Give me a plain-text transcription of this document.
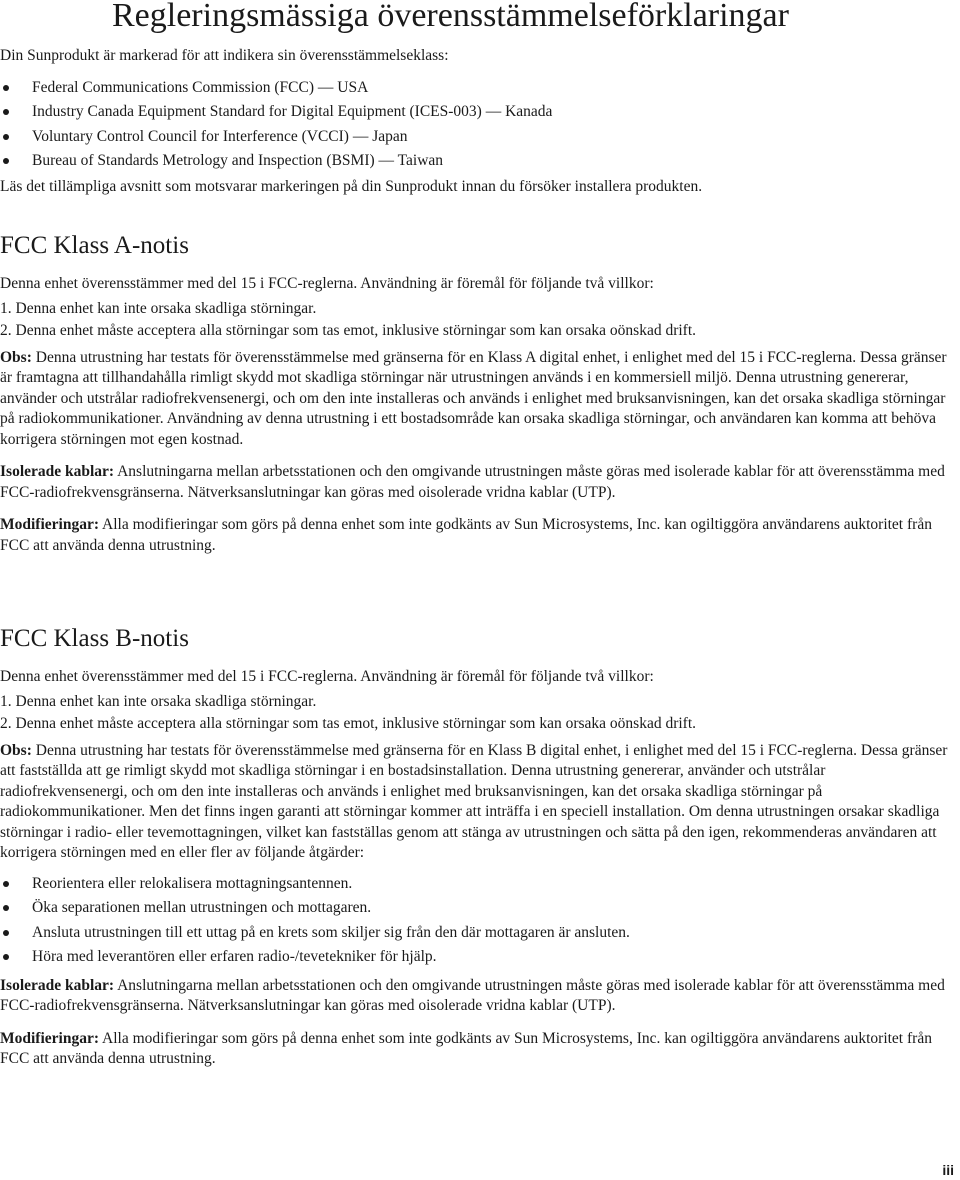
Regleringsmässiga överensstämmelseförklaringar

Din Sunprodukt är markerad för att indikera sin överensstämmelseklass:

Federal Communications Commission (FCC) — USA
Industry Canada Equipment Standard for Digital Equipment (ICES-003) — Kanada
Voluntary Control Council for Interference (VCCI) — Japan
Bureau of Standards Metrology and Inspection (BSMI) — Taiwan

Läs det tillämpliga avsnitt som motsvarar markeringen på din Sunprodukt innan du försöker installera produkten.

FCC Klass A-notis

Denna enhet överensstämmer med del 15 i FCC-reglerna. Användning är föremål för följande två villkor:

1. Denna enhet kan inte orsaka skadliga störningar.
2. Denna enhet måste acceptera alla störningar som tas emot, inklusive störningar som kan orsaka oönskad drift.

Obs: Denna utrustning har testats för överensstämmelse med gränserna för en Klass A digital enhet, i enlighet med del 15 i FCC-reglerna. Dessa gränser är framtagna att tillhandahålla rimligt skydd mot skadliga störningar när utrustningen används i en kommersiell miljö. Denna utrustning genererar, använder och utstrålar radiofrekvensenergi, och om den inte installeras och används i enlighet med bruksanvisningen, kan det orsaka skadliga störningar på radiokommunikationer. Användning av denna utrustning i ett bostadsområde kan orsaka skadliga störningar, och användaren kan komma att behöva korrigera störningen mot egen kostnad.

Isolerade kablar: Anslutningarna mellan arbetsstationen och den omgivande utrustningen måste göras med isolerade kablar för att överensstämma med FCC-radiofrekvensgränserna. Nätverksanslutningar kan göras med oisolerade vridna kablar (UTP).

Modifieringar: Alla modifieringar som görs på denna enhet som inte godkänts av Sun Microsystems, Inc. kan ogiltiggöra användarens auktoritet från FCC att använda denna utrustning.

FCC Klass B-notis

Denna enhet överensstämmer med del 15 i FCC-reglerna. Användning är föremål för följande två villkor:

1. Denna enhet kan inte orsaka skadliga störningar.
2. Denna enhet måste acceptera alla störningar som tas emot, inklusive störningar som kan orsaka oönskad drift.

Obs: Denna utrustning har testats för överensstämmelse med gränserna för en Klass B digital enhet, i enlighet med del 15 i FCC-reglerna. Dessa gränser att fastställda att ge rimligt skydd mot skadliga störningar i en bostadsinstallation. Denna utrustning genererar, använder och utstrålar radiofrekvensenergi, och om den inte installeras och används i enlighet med bruksanvisningen, kan det orsaka skadliga störningar på radiokommunikationer. Men det finns ingen garanti att störningar kommer att inträffa i en speciell installation. Om denna utrustningen orsakar skadliga störningar i radio- eller tevemottagningen, vilket kan fastställas genom att stänga av utrustningen och sätta på den igen, rekommenderas användaren att korrigera störningen med en eller fler av följande åtgärder:

Reorientera eller relokalisera mottagningsantennen.
Öka separationen mellan utrustningen och mottagaren.
Ansluta utrustningen till ett uttag på en krets som skiljer sig från den där mottagaren är ansluten.
Höra med leverantören eller erfaren radio-/tevetekniker för hjälp.

Isolerade kablar: Anslutningarna mellan arbetsstationen och den omgivande utrustningen måste göras med isolerade kablar för att överensstämma med FCC-radiofrekvensgränserna. Nätverksanslutningar kan göras med oisolerade vridna kablar (UTP).

Modifieringar: Alla modifieringar som görs på denna enhet som inte godkänts av Sun Microsystems, Inc. kan ogiltiggöra användarens auktoritet från FCC att använda denna utrustning.

iii
